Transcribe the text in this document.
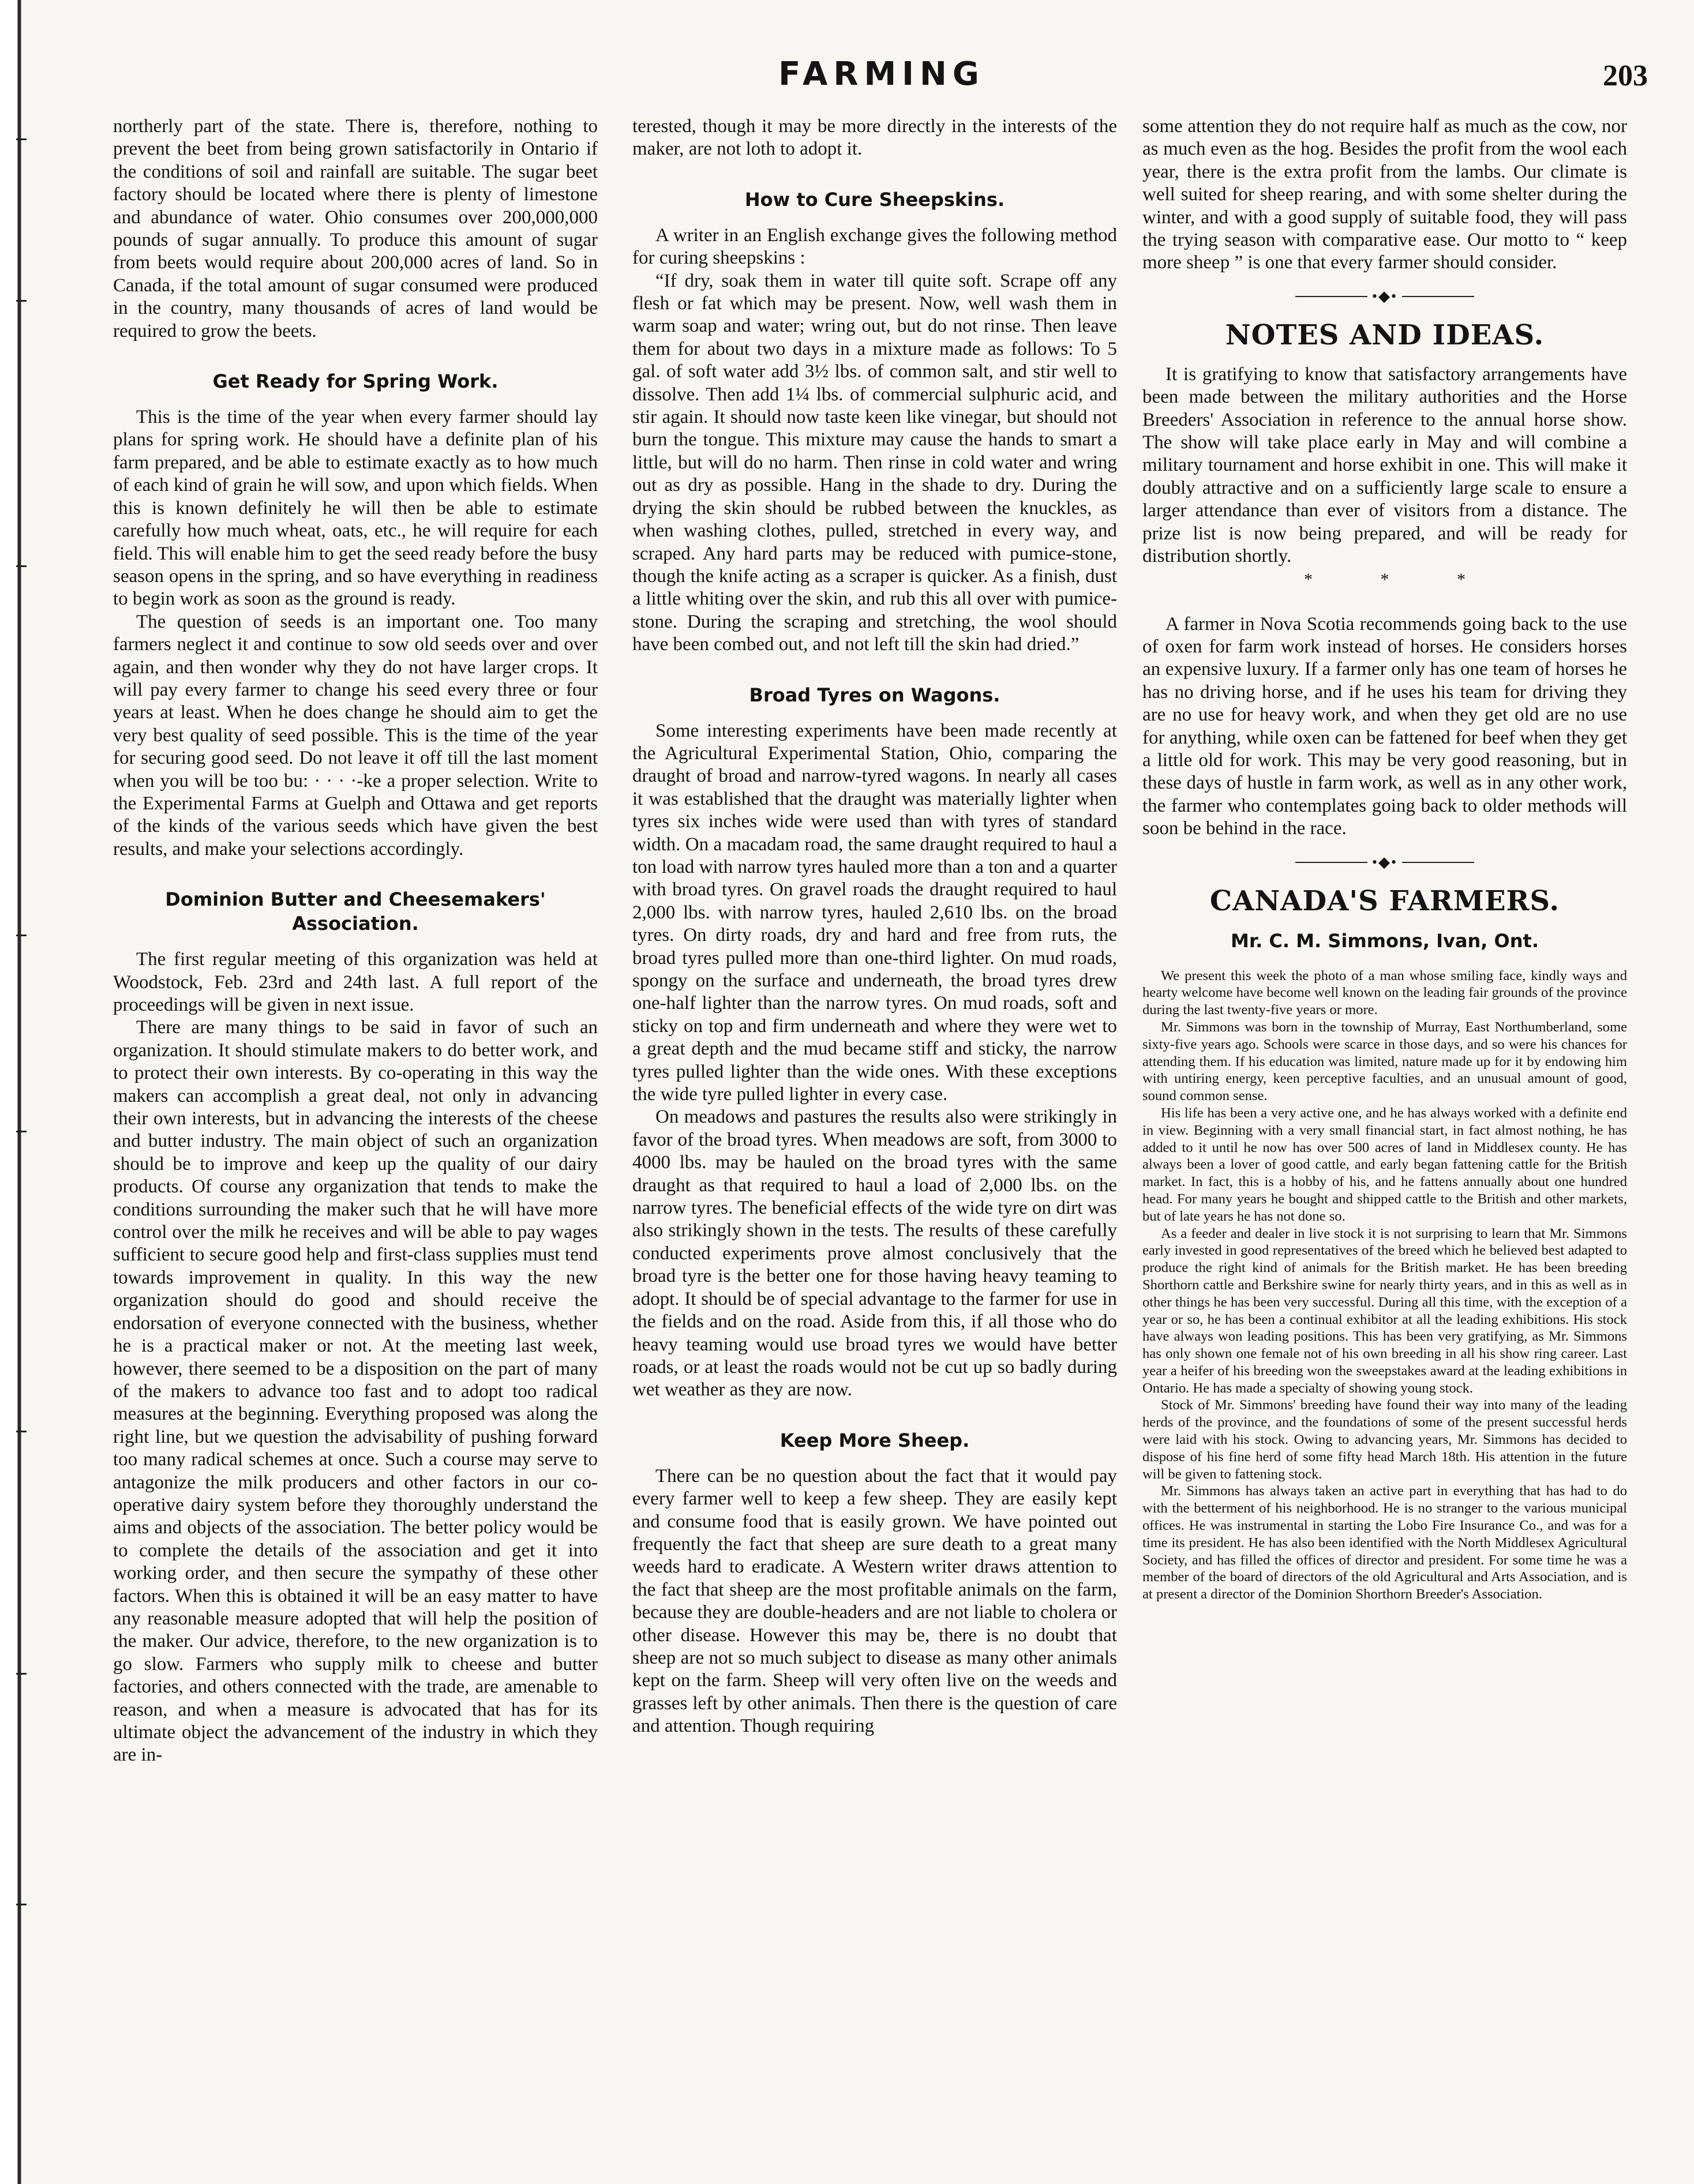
FARMING	203

northerly part of the state. There is, therefore, nothing to prevent the beet from being grown satisfactorily in Ontario if the conditions of soil and rainfall are suitable. The sugar beet factory should be located where there is plenty of limestone and abundance of water. Ohio consumes over 200,000,000 pounds of sugar annually. To produce this amount of sugar from beets would require about 200,000 acres of land. So in Canada, if the total amount of sugar consumed were produced in the country, many thousands of acres of land would be required to grow the beets.

Get Ready for Spring Work.

This is the time of the year when every farmer should lay plans for spring work. He should have a definite plan of his farm prepared, and be able to estimate exactly as to how much of each kind of grain he will sow, and upon which fields. When this is known definitely he will then be able to estimate carefully how much wheat, oats, etc., he will require for each field. This will enable him to get the seed ready before the busy season opens in the spring, and so have everything in readiness to begin work as soon as the ground is ready.

The question of seeds is an important one. Too many farmers neglect it and continue to sow old seeds over and over again, and then wonder why they do not have larger crops. It will pay every farmer to change his seed every three or four years at least. When he does change he should aim to get the very best quality of seed possible. This is the time of the year for securing good seed. Do not leave it off till the last moment when you will be too bu: · · · ·-ke a proper selection. Write to the Experimental Farms at Guelph and Ottawa and get reports of the kinds of the various seeds which have given the best results, and make your selections accordingly.

Dominion Butter and Cheesemakers' Association.

The first regular meeting of this organization was held at Woodstock, Feb. 23rd and 24th last. A full report of the proceedings will be given in next issue.

There are many things to be said in favor of such an organization. It should stimulate makers to do better work, and to protect their own interests. By co-operating in this way the makers can accomplish a great deal, not only in advancing their own interests, but in advancing the interests of the cheese and butter industry. The main object of such an organization should be to improve and keep up the quality of our dairy products. Of course any organization that tends to make the conditions surrounding the maker such that he will have more control over the milk he receives and will be able to pay wages sufficient to secure good help and first-class supplies must tend towards improvement in quality. In this way the new organization should do good and should receive the endorsation of everyone connected with the business, whether he is a practical maker or not. At the meeting last week, however, there seemed to be a disposition on the part of many of the makers to advance too fast and to adopt too radical measures at the beginning. Everything proposed was along the right line, but we question the advisability of pushing forward too many radical schemes at once. Such a course may serve to antagonize the milk producers and other factors in our co-operative dairy system before they thoroughly understand the aims and objects of the association. The better policy would be to complete the details of the association and get it into working order, and then secure the sympathy of these other factors. When this is obtained it will be an easy matter to have any reasonable measure adopted that will help the position of the maker. Our advice, therefore, to the new organization is to go slow. Farmers who supply milk to cheese and butter factories, and others connected with the trade, are amenable to reason, and when a measure is advocated that has for its ultimate object the advancement of the industry in which they are in-

terested, though it may be more directly in the interests of the maker, are not loth to adopt it.

How to Cure Sheepskins.

A writer in an English exchange gives the following method for curing sheepskins :

“If dry, soak them in water till quite soft. Scrape off any flesh or fat which may be present. Now, well wash them in warm soap and water; wring out, but do not rinse. Then leave them for about two days in a mixture made as follows: To 5 gal. of soft water add 3½ lbs. of common salt, and stir well to dissolve. Then add 1¼ lbs. of commercial sulphuric acid, and stir again. It should now taste keen like vinegar, but should not burn the tongue. This mixture may cause the hands to smart a little, but will do no harm. Then rinse in cold water and wring out as dry as possible. Hang in the shade to dry. During the drying the skin should be rubbed between the knuckles, as when washing clothes, pulled, stretched in every way, and scraped. Any hard parts may be reduced with pumice-stone, though the knife acting as a scraper is quicker. As a finish, dust a little whiting over the skin, and rub this all over with pumice-stone. During the scraping and stretching, the wool should have been combed out, and not left till the skin had dried.”

Broad Tyres on Wagons.

Some interesting experiments have been made recently at the Agricultural Experimental Station, Ohio, comparing the draught of broad and narrow-tyred wagons. In nearly all cases it was established that the draught was materially lighter when tyres six inches wide were used than with tyres of standard width. On a macadam road, the same draught required to haul a ton load with narrow tyres hauled more than a ton and a quarter with broad tyres. On gravel roads the draught required to haul 2,000 lbs. with narrow tyres, hauled 2,610 lbs. on the broad tyres. On dirty roads, dry and hard and free from ruts, the broad tyres pulled more than one-third lighter. On mud roads, spongy on the surface and underneath, the broad tyres drew one-half lighter than the narrow tyres. On mud roads, soft and sticky on top and firm underneath and where they were wet to a great depth and the mud became stiff and sticky, the narrow tyres pulled lighter than the wide ones. With these exceptions the wide tyre pulled lighter in every case.

On meadows and pastures the results also were strikingly in favor of the broad tyres. When meadows are soft, from 3000 to 4000 lbs. may be hauled on the broad tyres with the same draught as that required to haul a load of 2,000 lbs. on the narrow tyres. The beneficial effects of the wide tyre on dirt was also strikingly shown in the tests. The results of these carefully conducted experiments prove almost conclusively that the broad tyre is the better one for those having heavy teaming to adopt. It should be of special advantage to the farmer for use in the fields and on the road. Aside from this, if all those who do heavy teaming would use broad tyres we would have better roads, or at least the roads would not be cut up so badly during wet weather as they are now.

Keep More Sheep.

There can be no question about the fact that it would pay every farmer well to keep a few sheep. They are easily kept and consume food that is easily grown. We have pointed out frequently the fact that sheep are sure death to a great many weeds hard to eradicate. A Western writer draws attention to the fact that sheep are the most profitable animals on the farm, because they are double-headers and are not liable to cholera or other disease. However this may be, there is no doubt that sheep are not so much subject to disease as many other animals kept on the farm. Sheep will very often live on the weeds and grasses left by other animals. Then there is the question of care and attention. Though requiring

some attention they do not require half as much as the cow, nor as much even as the hog. Besides the profit from the wool each year, there is the extra profit from the lambs. Our climate is well suited for sheep rearing, and with some shelter during the winter, and with a good supply of suitable food, they will pass the trying season with comparative ease. Our motto to “ keep more sheep ” is one that every farmer should consider.

•◆•
NOTES AND IDEAS.

It is gratifying to know that satisfactory arrangements have been made between the military authorities and the Horse Breeders' Association in reference to the annual horse show. The show will take place early in May and will combine a military tournament and horse exhibit in one. This will make it doubly attractive and on a sufficiently large scale to ensure a larger attendance than ever of visitors from a distance. The prize list is now being prepared, and will be ready for distribution shortly.

* * *

A farmer in Nova Scotia recommends going back to the use of oxen for farm work instead of horses. He considers horses an expensive luxury. If a farmer only has one team of horses he has no driving horse, and if he uses his team for driving they are no use for heavy work, and when they get old are no use for anything, while oxen can be fattened for beef when they get a little old for work. This may be very good reasoning, but in these days of hustle in farm work, as well as in any other work, the farmer who contemplates going back to older methods will soon be behind in the race.

•◆•
CANADA'S FARMERS.
Mr. C. M. Simmons, Ivan, Ont.

We present this week the photo of a man whose smiling face, kindly ways and hearty welcome have become well known on the leading fair grounds of the province during the last twenty-five years or more.

Mr. Simmons was born in the township of Murray, East Northumberland, some sixty-five years ago. Schools were scarce in those days, and so were his chances for attending them. If his education was limited, nature made up for it by endowing him with untiring energy, keen perceptive faculties, and an unusual amount of good, sound common sense.

His life has been a very active one, and he has always worked with a definite end in view. Beginning with a very small financial start, in fact almost nothing, he has added to it until he now has over 500 acres of land in Middlesex county. He has always been a lover of good cattle, and early began fattening cattle for the British market. In fact, this is a hobby of his, and he fattens annually about one hundred head. For many years he bought and shipped cattle to the British and other markets, but of late years he has not done so.

As a feeder and dealer in live stock it is not surprising to learn that Mr. Simmons early invested in good representatives of the breed which he believed best adapted to produce the right kind of animals for the British market. He has been breeding Shorthorn cattle and Berkshire swine for nearly thirty years, and in this as well as in other things he has been very successful. During all this time, with the exception of a year or so, he has been a continual exhibitor at all the leading exhibitions. His stock have always won leading positions. This has been very gratifying, as Mr. Simmons has only shown one female not of his own breeding in all his show ring career. Last year a heifer of his breeding won the sweepstakes award at the leading exhibitions in Ontario. He has made a specialty of showing young stock.

Stock of Mr. Simmons' breeding have found their way into many of the leading herds of the province, and the foundations of some of the present successful herds were laid with his stock. Owing to advancing years, Mr. Simmons has decided to dispose of his fine herd of some fifty head March 18th. His attention in the future will be given to fattening stock.

Mr. Simmons has always taken an active part in everything that has had to do with the betterment of his neighborhood. He is no stranger to the various municipal offices. He was instrumental in starting the Lobo Fire Insurance Co., and was for a time its president. He has also been identified with the North Middlesex Agricultural Society, and has filled the offices of director and president. For some time he was a member of the board of directors of the old Agricultural and Arts Association, and is at present a director of the Dominion Shorthorn Breeder's Association.
